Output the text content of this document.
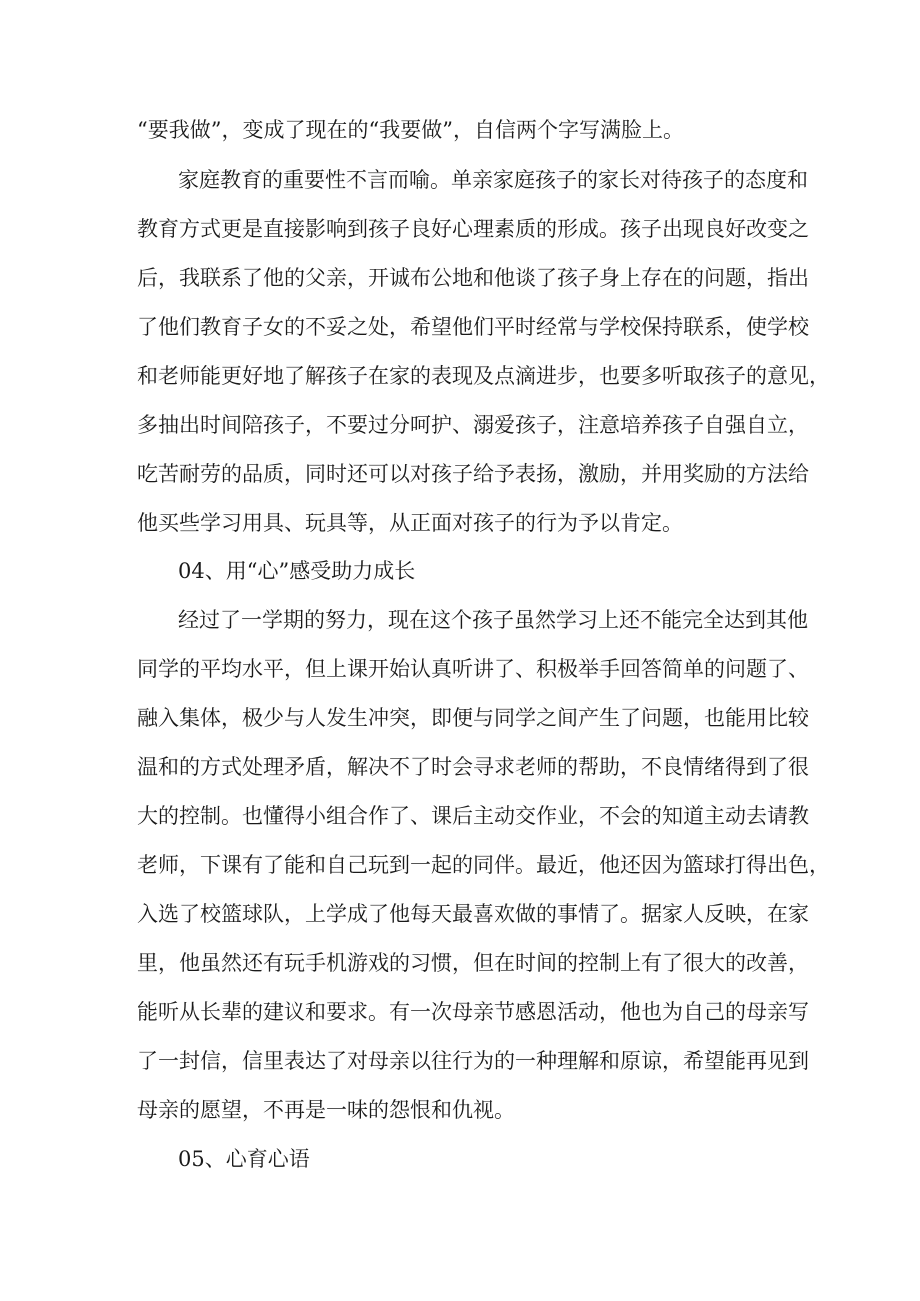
“要我做”，变成了现在的“我要做”，自信两个字写满脸上。
家庭教育的重要性不言而喻。单亲家庭孩子的家长对待孩子的态度和
教育方式更是直接影响到孩子良好心理素质的形成。孩子出现良好改变之
后，我联系了他的父亲，开诚布公地和他谈了孩子身上存在的问题，指出
了他们教育子女的不妥之处，希望他们平时经常与学校保持联系，使学校
和老师能更好地了解孩子在家的表现及点滴进步，也要多听取孩子的意见，
多抽出时间陪孩子，不要过分呵护、溺爱孩子，注意培养孩子自强自立，
吃苦耐劳的品质，同时还可以对孩子给予表扬，激励，并用奖励的方法给
他买些学习用具、玩具等，从正面对孩子的行为予以肯定。
04、用“心”感受助力成长
经过了一学期的努力，现在这个孩子虽然学习上还不能完全达到其他
同学的平均水平，但上课开始认真听讲了、积极举手回答简单的问题了、
融入集体，极少与人发生冲突，即便与同学之间产生了问题，也能用比较
温和的方式处理矛盾，解决不了时会寻求老师的帮助，不良情绪得到了很
大的控制。也懂得小组合作了、课后主动交作业，不会的知道主动去请教
老师，下课有了能和自己玩到一起的同伴。最近，他还因为篮球打得出色，
入选了校篮球队，上学成了他每天最喜欢做的事情了。据家人反映，在家
里，他虽然还有玩手机游戏的习惯，但在时间的控制上有了很大的改善，
能听从长辈的建议和要求。有一次母亲节感恩活动，他也为自己的母亲写
了一封信，信里表达了对母亲以往行为的一种理解和原谅，希望能再见到
母亲的愿望，不再是一味的怨恨和仇视。
05、心育心语
